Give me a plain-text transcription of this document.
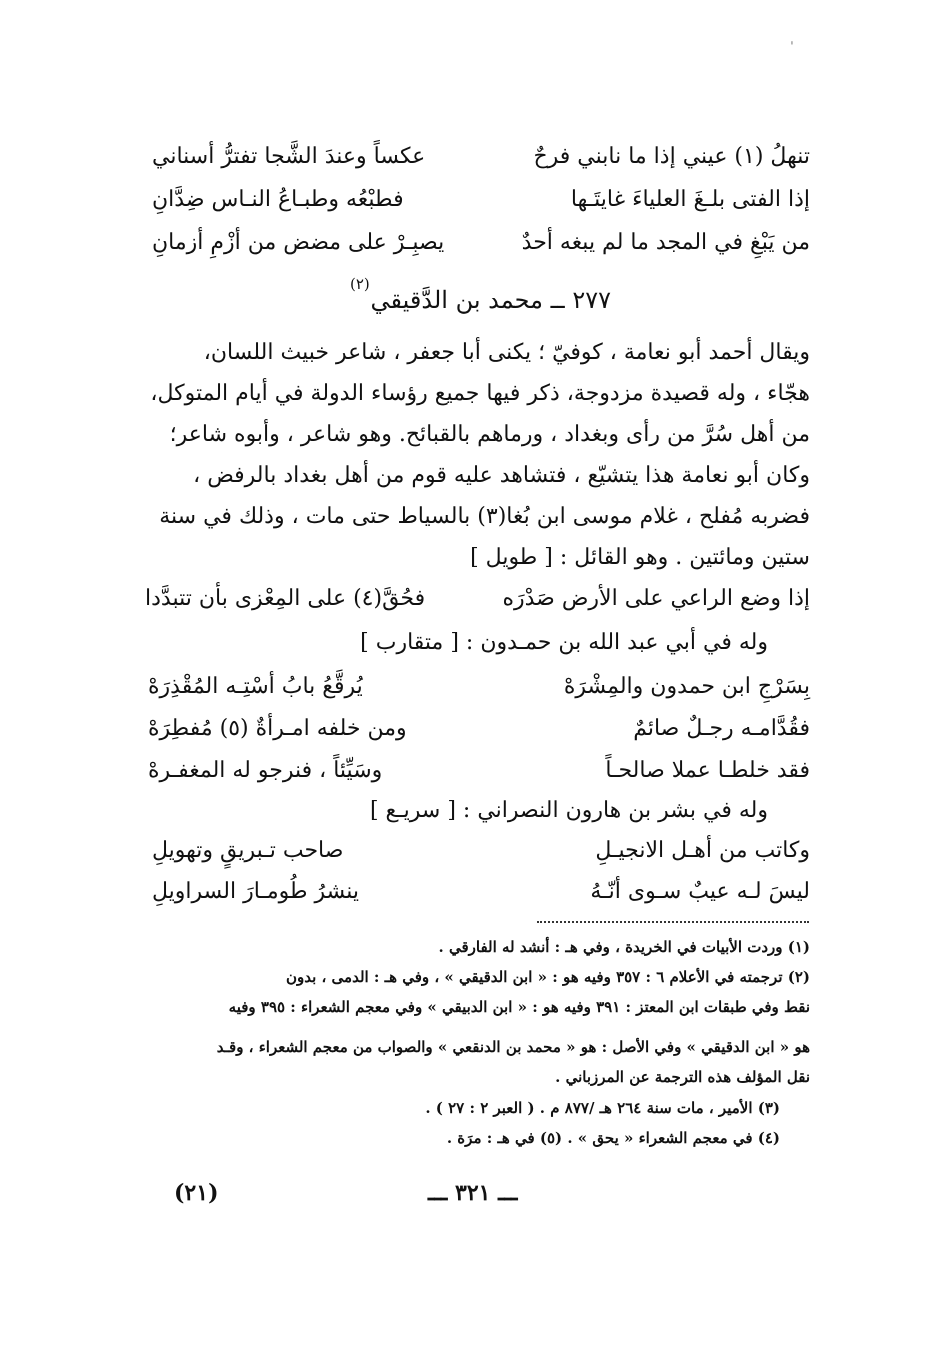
تنهلُ (١) عيني إذا ما نابني فرحٌ
عكساً وعندَ الشَّجا تفترُّ أسناني
إذا الفتى بلـغَ العلياءَ غايتَـها
فطبْعُه وطبـاعُ النـاس ضِدَّانِ
من يَبْغِ في المجد ما لم يبغه أحدٌ
يصبِـرْ على مضض من أزْمِ أزمانِ
٢٧٧ ــ محمد بن الدَّقيقي
(٢)
ويقال أحمد أبو نعامة ، كوفيّ ؛ يكنى أبا جعفر ، شاعر خبيث اللسان،
هجّاء ، وله قصيدة مزدوجة، ذكر فيها جميع رؤساء الدولة في أيام المتوكل،
من أهل سُرَّ من رأى وبغداد ، ورماهم بالقبائح. وهو شاعر ، وأبوه شاعر؛
وكان أبو نعامة هذا يتشيّع ، فتشاهد عليه قوم من أهل بغداد بالرفض ،
فضربه مُفلح ، غلام موسى ابن بُغا(٣) بالسياط حتى مات ، وذلك في سنة
ستين ومائتين . وهو القائل : [ طويل ]
إذا وضع الراعي على الأرض صَدْرَه
فحُقَّ(٤) على المِعْزى بأن تتبدَّدا
وله في أبي عبد الله بن حمـدون : [ متقارب ]
بِسَرْجِ ابن حمدون والمِشْرَهْ
يُرقَّعُ بابُ أسْتِـه المُقْذِرَهْ
فقُدَّامـه رجـلٌ صائمٌ
ومن خلفه امـرأةٌ (٥) مُفطِرَهْ
فقد خلطـا عملا صالحـاً
وسَيِّئاً ، فنرجو له المغفـرهْ
وله في بشر بن هارون النصراني : [ سريـع ]
وكاتب من أهـل الانجيـلِ
صاحب تـبريقٍ وتهويلِ
ليسَ لـه عيبٌ سـوى أنّـهُ
ينشرُ طُومـارَ السراويلِ
(١) وردت الأبيات في الخريدة ، وفي هـ : أنشد له الفارقي .
(٢) ترجمته في الأعلام ٦ : ٣٥٧ وفيه هو : « ابن الدقيقي » ، وفي هـ : الدمى ، بدون
نقط وفي طبقات ابن المعتز : ٣٩١ وفيه هو : « ابن الدبيقي » وفي معجم الشعراء : ٣٩٥ وفيه
هو « ابن الدقيقي » وفي الأصل : هو « محمد بن الدنقعي » والصواب من معجم الشعراء ، وقـد
نقل المؤلف هذه الترجمة عن المرزباني .
(٣) الأمير ، مات سنة ٢٦٤ هـ /٨٧٧ م . ( العبر ٢ : ٢٧ ) .
(٤) في معجم الشعراء « يحق » . (٥) في هـ : مرَة .
ـــ ٣٢١ ـــ
(٢١)
ˈ
